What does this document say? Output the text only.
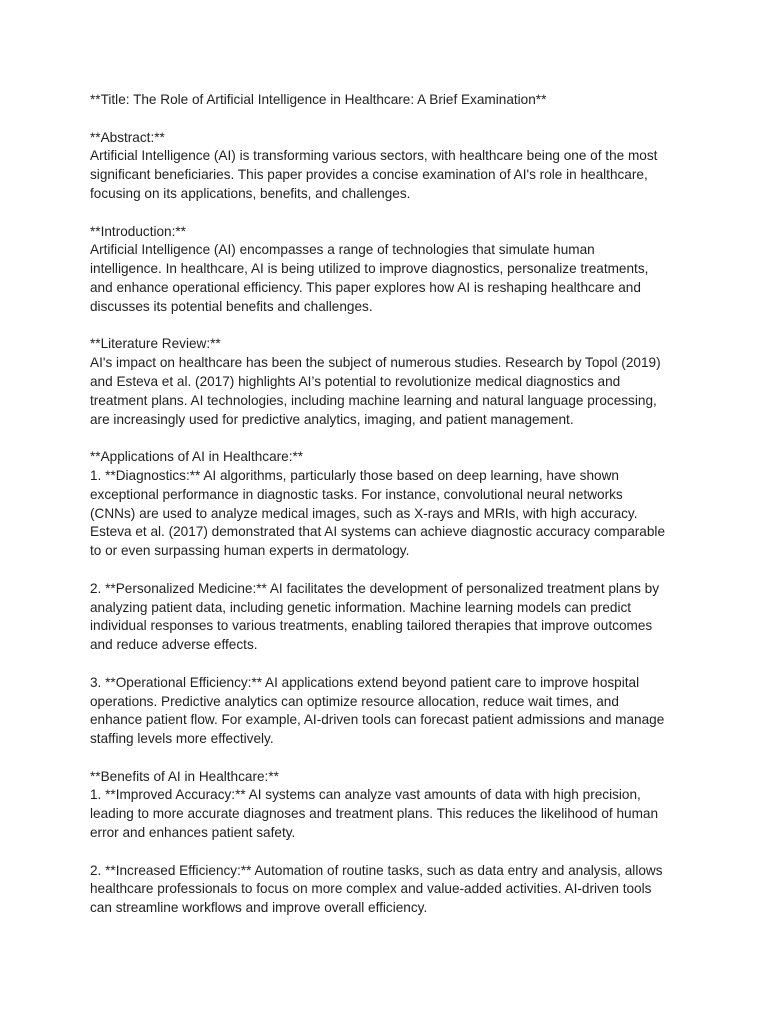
**Title: The Role of Artificial Intelligence in Healthcare: A Brief Examination**

**Abstract:**
Artificial Intelligence (AI) is transforming various sectors, with healthcare being one of the most
significant beneficiaries. This paper provides a concise examination of AI's role in healthcare,
focusing on its applications, benefits, and challenges.

**Introduction:**
Artificial Intelligence (AI) encompasses a range of technologies that simulate human
intelligence. In healthcare, AI is being utilized to improve diagnostics, personalize treatments,
and enhance operational efficiency. This paper explores how AI is reshaping healthcare and
discusses its potential benefits and challenges.

**Literature Review:**
AI's impact on healthcare has been the subject of numerous studies. Research by Topol (2019)
and Esteva et al. (2017) highlights AI’s potential to revolutionize medical diagnostics and
treatment plans. AI technologies, including machine learning and natural language processing,
are increasingly used for predictive analytics, imaging, and patient management.

**Applications of AI in Healthcare:**
1. **Diagnostics:** AI algorithms, particularly those based on deep learning, have shown
exceptional performance in diagnostic tasks. For instance, convolutional neural networks
(CNNs) are used to analyze medical images, such as X-rays and MRIs, with high accuracy.
Esteva et al. (2017) demonstrated that AI systems can achieve diagnostic accuracy comparable
to or even surpassing human experts in dermatology.

2. **Personalized Medicine:** AI facilitates the development of personalized treatment plans by
analyzing patient data, including genetic information. Machine learning models can predict
individual responses to various treatments, enabling tailored therapies that improve outcomes
and reduce adverse effects.

3. **Operational Efficiency:** AI applications extend beyond patient care to improve hospital
operations. Predictive analytics can optimize resource allocation, reduce wait times, and
enhance patient flow. For example, AI-driven tools can forecast patient admissions and manage
staffing levels more effectively.

**Benefits of AI in Healthcare:**
1. **Improved Accuracy:** AI systems can analyze vast amounts of data with high precision,
leading to more accurate diagnoses and treatment plans. This reduces the likelihood of human
error and enhances patient safety.

2. **Increased Efficiency:** Automation of routine tasks, such as data entry and analysis, allows
healthcare professionals to focus on more complex and value-added activities. AI-driven tools
can streamline workflows and improve overall efficiency.
